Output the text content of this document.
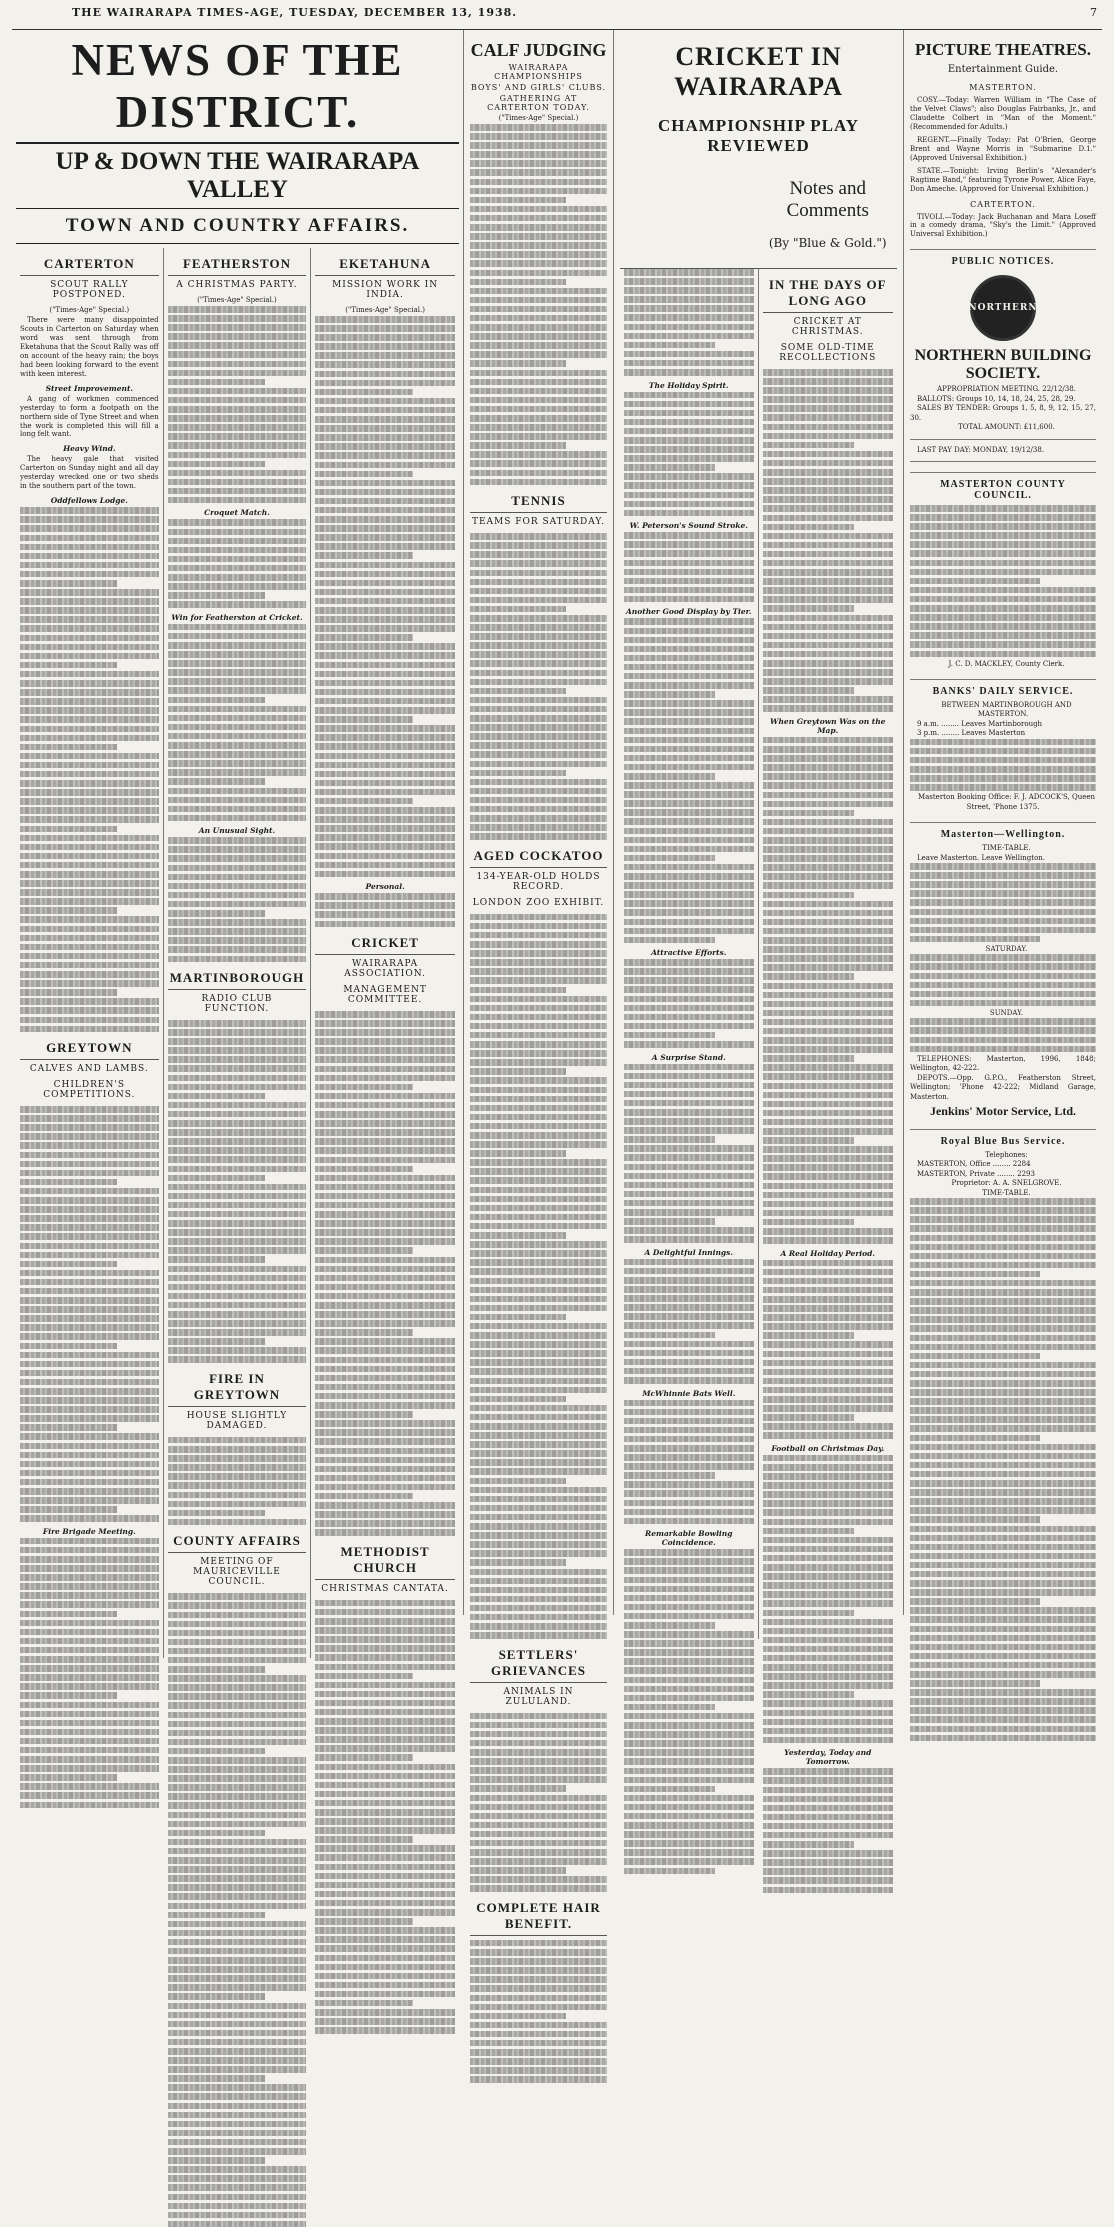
THE WAIRARAPA TIMES-AGE, TUESDAY, DECEMBER 13, 1938.	7
NEWS OF THE DISTRICT.
UP & DOWN THE WAIRARAPA VALLEY
TOWN AND COUNTRY AFFAIRS.
CARTERTON
SCOUT RALLY POSTPONED.
("Times-Age" Special.)

There were many disappointed Scouts in Carterton on Saturday when word was sent through from Eketahuna that the Scout Rally was off on account of the heavy rain; the boys had been looking forward to the event with keen interest.

Street Improvement.

A gang of workmen commenced yesterday to form a footpath on the northern side of Tyne Street and when the work is completed this will fill a long felt want.

Heavy Wind.

The heavy gale that visited Carterton on Sunday night and all day yesterday wrecked one or two sheds in the southern part of the town.

Oddfellows Lodge.
GREYTOWN
CALVES AND LAMBS.
CHILDREN'S COMPETITIONS.
Fire Brigade Meeting.
FEATHERSTON
A CHRISTMAS PARTY.
("Times-Age" Special.)
Croquet Match.
Win for Featherston at Cricket.
An Unusual Sight.
MARTINBOROUGH
RADIO CLUB FUNCTION.
FIRE IN GREYTOWN
HOUSE SLIGHTLY DAMAGED.
COUNTY AFFAIRS
MEETING OF MAURICEVILLE COUNCIL.
EKETAHUNA
MISSION WORK IN INDIA.
("Times-Age" Special.)
Personal.
CRICKET
WAIRARAPA ASSOCIATION.
MANAGEMENT COMMITTEE.
METHODIST CHURCH
CHRISTMAS CANTATA.
CALF JUDGING
WAIRARAPA CHAMPIONSHIPS
BOYS' AND GIRLS' CLUBS.
GATHERING AT CARTERTON TODAY.
("Times-Age" Special.)
TENNIS
TEAMS FOR SATURDAY.
AGED COCKATOO
134-YEAR-OLD HOLDS RECORD.
LONDON ZOO EXHIBIT.
SETTLERS' GRIEVANCES
ANIMALS IN ZULULAND.
COMPLETE HAIR BENEFIT.
CRICKET IN WAIRARAPA
CHAMPIONSHIP PLAY REVIEWED
Notes and Comments
(By "Blue & Gold.")
The Holiday Spirit.
W. Peterson's Sound Stroke.
Another Good Display by Tier.
Attractive Efforts.
A Surprise Stand.
A Delightful Innings.
McWhinnie Bats Well.
Remarkable Bowling Coincidence.
IN THE DAYS OF LONG AGO
CRICKET AT CHRISTMAS.
SOME OLD-TIME RECOLLECTIONS
When Greytown Was on the Map.
A Real Holiday Period.
Football on Christmas Day.
Yesterday, Today and Tomorrow.
PICTURE THEATRES.
Entertainment Guide.
MASTERTON.

COSY.—Today: Warren William in "The Case of the Velvet Claws"; also Douglas Fairbanks, Jr., and Claudette Colbert in "Man of the Moment." (Recommended for Adults.)

REGENT.—Finally Today: Pat O'Brien, George Brent and Wayne Morris in "Submarine D.1." (Approved Universal Exhibition.)

STATE.—Tonight: Irving Berlin's "Alexander's Ragtime Band," featuring Tyrone Power, Alice Faye, Don Ameche. (Approved for Universal Exhibition.)

CARTERTON.

TIVOLI.—Today: Jack Buchanan and Mara Loseff in a comedy drama, "Sky's the Limit." (Approved Universal Exhibition.)

PUBLIC NOTICES.
NORTHERN
NORTHERN BUILDING SOCIETY.

APPROPRIATION MEETING. 22/12/38.

BALLOTS: Groups 10, 14, 18, 24, 25, 28, 29.

SALES BY TENDER: Groups 1, 5, 8, 9, 12, 15, 27, 30.

TOTAL AMOUNT: £11,600.

LAST PAY DAY: MONDAY, 19/12/38.

MASTERTON COUNTY COUNCIL.

J. C. D. MACKLEY, County Clerk.

BANKS' DAILY SERVICE.

BETWEEN MARTINBOROUGH AND MASTERTON.

9 a.m. ........ Leaves Martinborough

3 p.m. ........ Leaves Masterton

Masterton Booking Office: F. J. ADCOCK'S, Queen Street, 'Phone 1375.

Masterton—Wellington.

TIME-TABLE.

Leave Masterton. Leave Wellington.

SATURDAY.

SUNDAY.

TELEPHONES: Masterton, 1996, 1848; Wellington, 42-222.

DEPOTS.—Opp. G.P.O., Featherston Street, Wellington; 'Phone 42-222; Midland Garage, Masterton.

Jenkins' Motor Service, Ltd.
Royal Blue Bus Service.

Telephones:

MASTERTON, Office ........ 2284

MASTERTON, Private ........ 2293

Proprietor: A. A. SNELGROVE.

TIME-TABLE.
